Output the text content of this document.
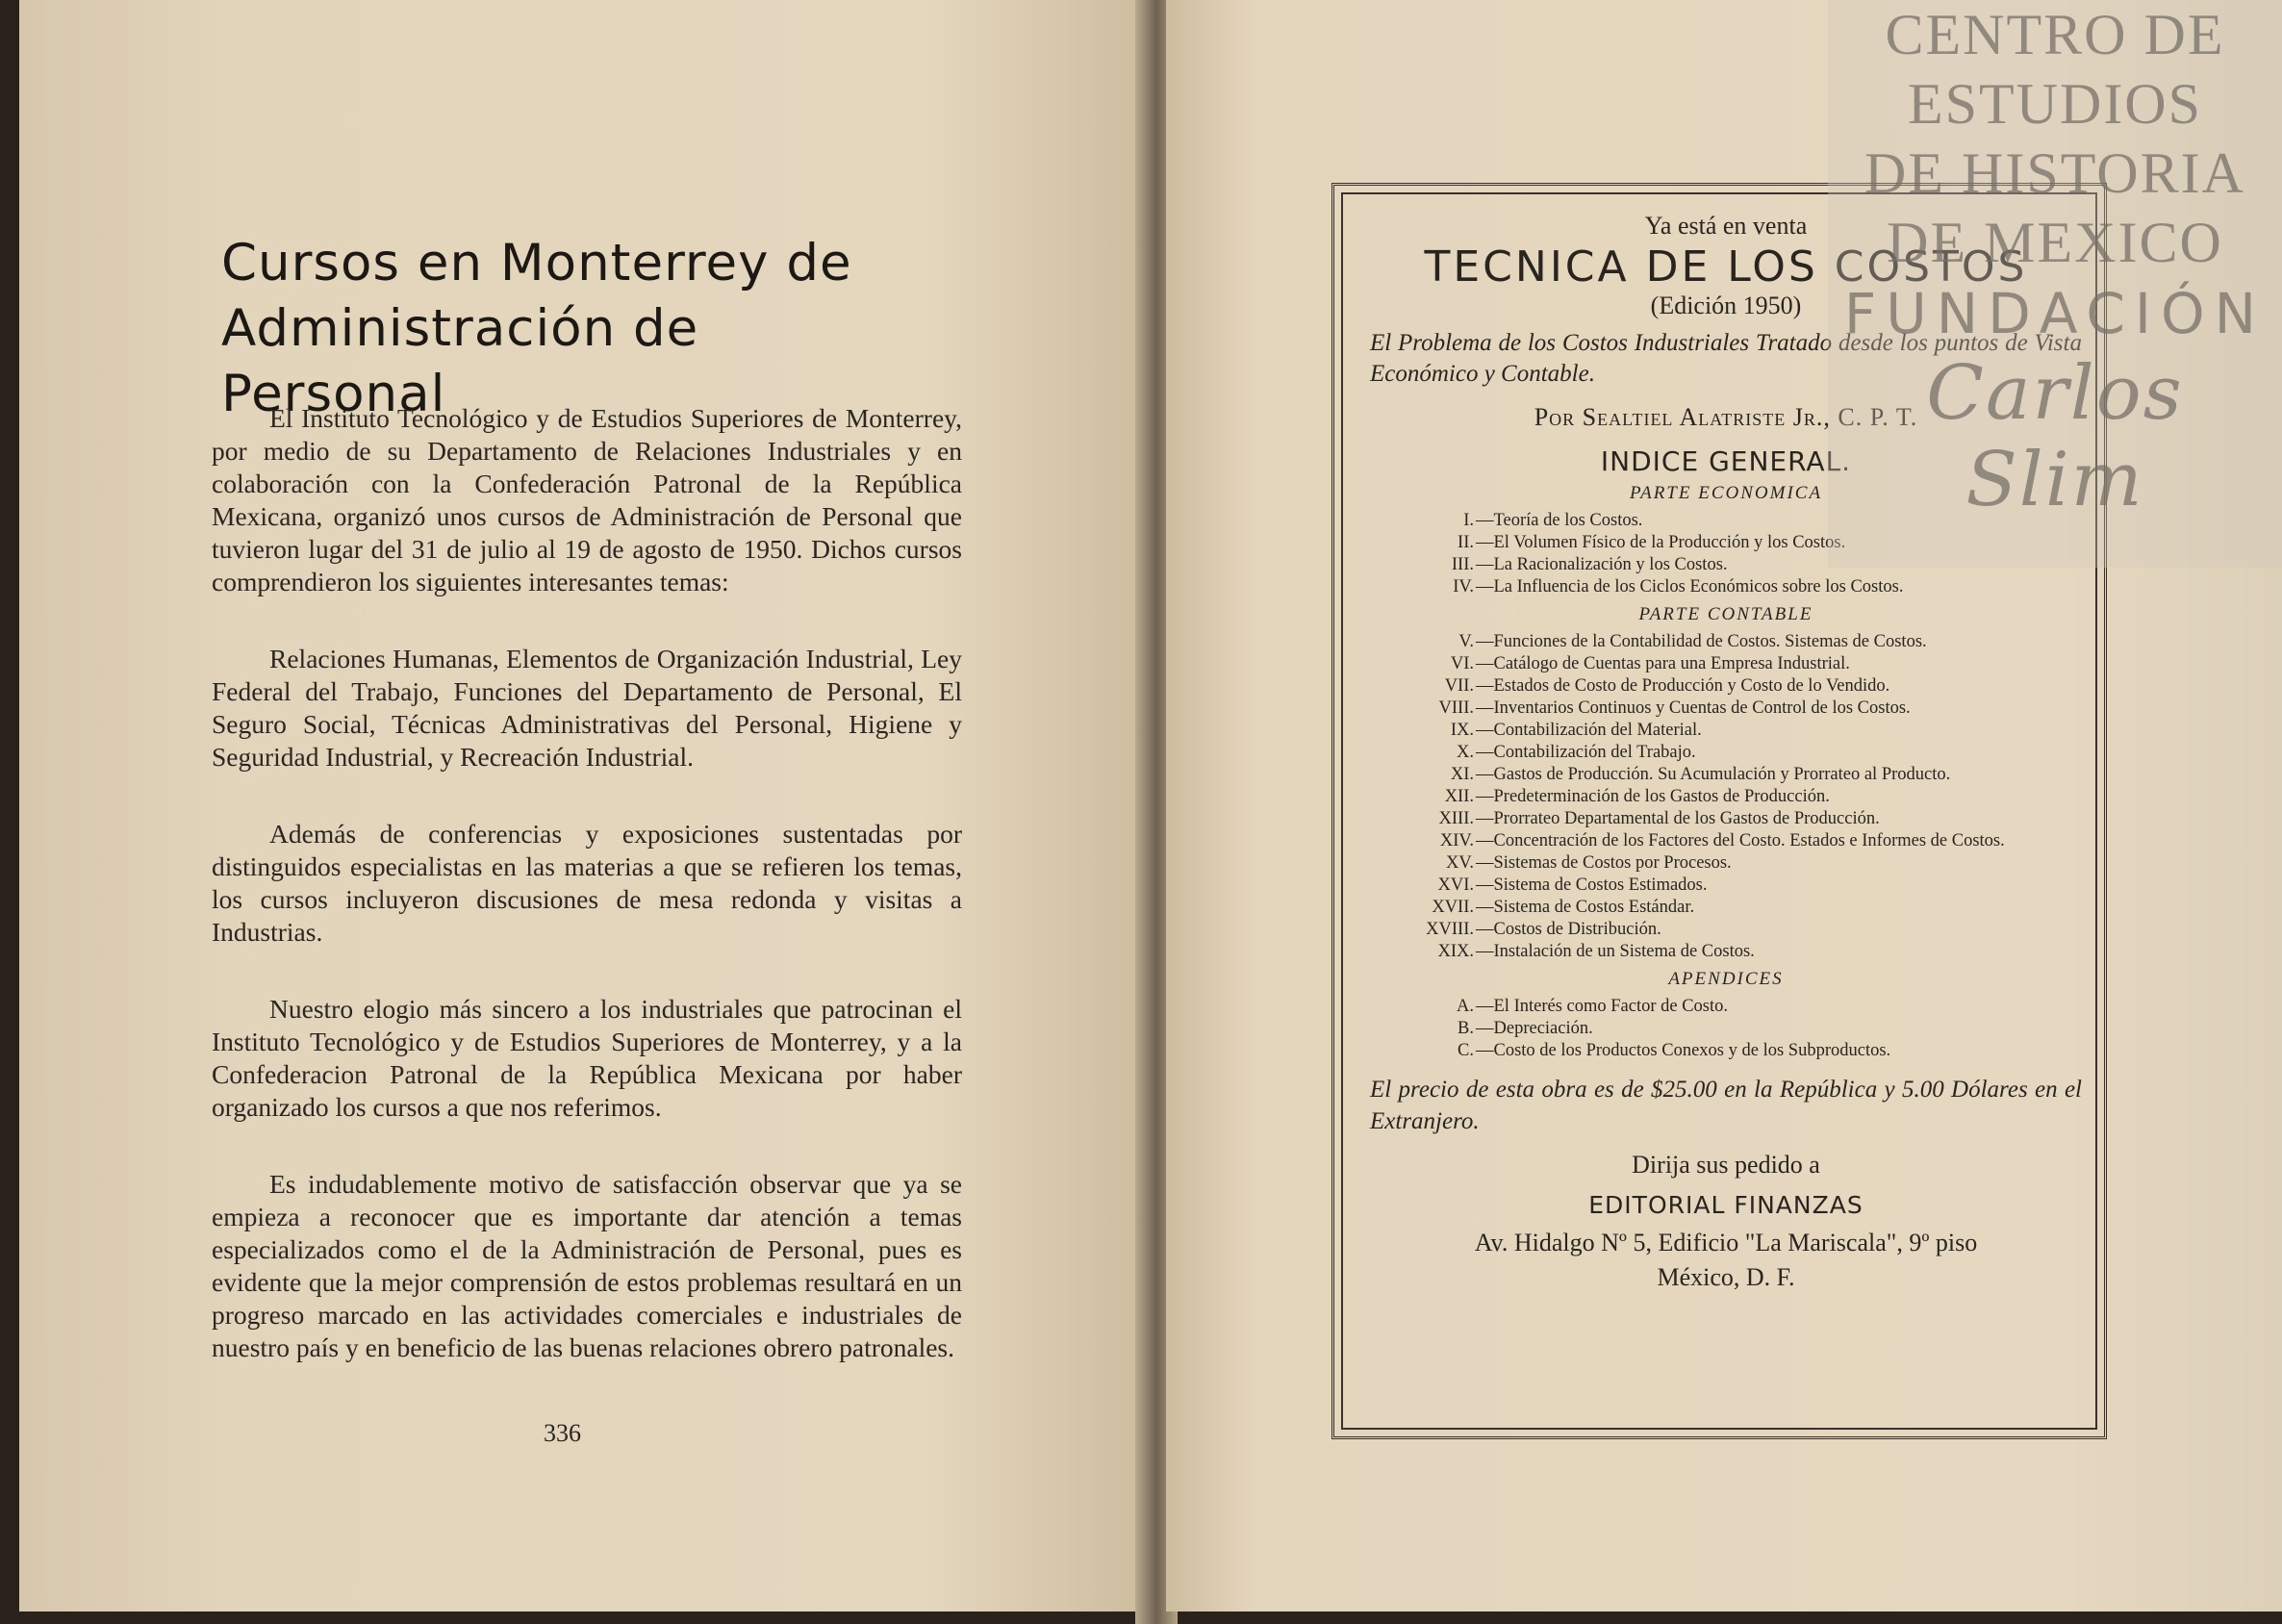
Cursos en Monterrey de
Administración de Personal

El Instituto Tecnológico y de Estudios Superiores de Monterrey, por medio de su Departamento de Relaciones Industriales y en colaboración con la Confederación Patronal de la República Mexicana, organizó unos cursos de Administración de Personal que tuvieron lugar del 31 de julio al 19 de agosto de 1950. Dichos cursos comprendieron los siguientes interesantes temas:

Relaciones Humanas, Elementos de Organización Industrial, Ley Federal del Trabajo, Funciones del Departamento de Personal, El Seguro Social, Técnicas Administrativas del Personal, Higiene y Seguridad Industrial, y Recreación Industrial.

Además de conferencias y exposiciones sustentadas por distinguidos especialistas en las materias a que se refieren los temas, los cursos incluyeron discusiones de mesa redonda y visitas a Industrias.

Nuestro elogio más sincero a los industriales que patrocinan el Instituto Tecnológico y de Estudios Superiores de Monterrey, y a la Confederacion Patronal de la República Mexicana por haber organizado los cursos a que nos referimos.

Es indudablemente motivo de satisfacción observar que ya se empieza a reconocer que es importante dar atención a temas especializados como el de la Administración de Personal, pues es evidente que la mejor comprensión de estos problemas resultará en un progreso marcado en las actividades comerciales e industriales de nuestro país y en beneficio de las buenas relaciones obrero patronales.

336
Ya está en venta
TECNICA DE LOS COSTOS
(Edición 1950)
El Problema de los Costos Industriales Tratado desde los puntos de Vista Económico y Contable.
Por Sealtiel Alatriste Jr., C. P. T.
INDICE GENERAL.
PARTE ECONOMICA
I. —Teoría de los Costos.
II. —El Volumen Físico de la Producción y los Costos.
III. —La Racionalización y los Costos.
IV. —La Influencia de los Ciclos Económicos sobre los Costos.
PARTE CONTABLE
V. —Funciones de la Contabilidad de Costos. Sistemas de Costos.
VI. —Catálogo de Cuentas para una Empresa Industrial.
VII. —Estados de Costo de Producción y Costo de lo Vendido.
VIII. —Inventarios Continuos y Cuentas de Control de los Costos.
IX. —Contabilización del Material.
X. —Contabilización del Trabajo.
XI. —Gastos de Producción. Su Acumulación y Prorrateo al Producto.
XII. —Predeterminación de los Gastos de Producción.
XIII. —Prorrateo Departamental de los Gastos de Producción.
XIV. —Concentración de los Factores del Costo. Estados e Informes de Costos.
XV. —Sistemas de Costos por Procesos.
XVI. —Sistema de Costos Estimados.
XVII. —Sistema de Costos Estándar.
XVIII. —Costos de Distribución.
XIX. —Instalación de un Sistema de Costos.
APENDICES
A. —El Interés como Factor de Costo.
B. —Depreciación.
C. —Costo de los Productos Conexos y de los Subproductos.
El precio de esta obra es de $25.00 en la República y 5.00 Dólares en el Extranjero.
Dirija sus pedido a
EDITORIAL FINANZAS
Av. Hidalgo Nº 5, Edificio "La Mariscala", 9º piso
México, D. F.
CENTRO DE
ESTUDIOS
DE HISTORIA
DE MEXICO
FUNDACIÓN
Carlos Slim
